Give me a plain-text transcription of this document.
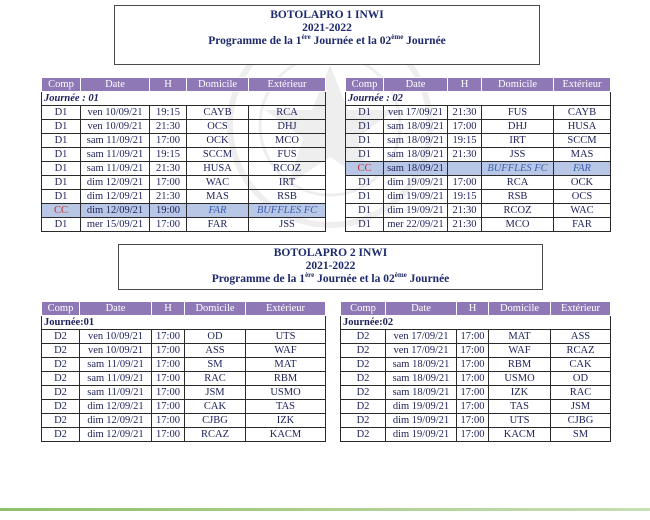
BOTOLAPRO 1 INWI
2021-2022
Programme de la 1ère Journée et la 02ème Journée
Comp	Date	H	Domicile	Extérieur
Journée : 01				
D1	ven 10/09/21	19:15	CAYB	RCA
D1	ven 10/09/21	21:30	OCS	DHJ
D1	sam 11/09/21	17:00	OCK	MCO
D1	sam 11/09/21	19:15	SCCM	FUS
D1	sam 11/09/21	21:30	HUSA	RCOZ
D1	dim 12/09/21	17:00	WAC	IRT
D1	dim 12/09/21	21:30	MAS	RSB
CC	dim 12/09/21	19:00	FAR	BUFFLES FC
D1	mer 15/09/21	17:00	FAR	JSS
Comp	Date	H	Domicile	Extérieur
Journée : 02				
D1	ven 17/09/21	21:30	FUS	CAYB
D1	sam 18/09/21	17:00	DHJ	HUSA
D1	sam 18/09/21	19:15	IRT	SCCM
D1	sam 18/09/21	21:30	JSS	MAS
CC	sam 18/09/21		BUFFLES FC	FAR
D1	dim 19/09/21	17:00	RCA	OCK
D1	dim 19/09/21	19:15	RSB	OCS
D1	dim 19/09/21	21:30	RCOZ	WAC
D1	mer 22/09/21	21:30	MCO	FAR
BOTOLAPRO 2 INWI
2021-2022
Programme de la 1ère Journée et la 02ème Journée
Comp	Date	H	Domicile	Extérieur
Journée:01				
D2	ven 10/09/21	17:00	OD	UTS
D2	ven 10/09/21	17:00	ASS	WAF
D2	sam 11/09/21	17:00	SM	MAT
D2	sam 11/09/21	17:00	RAC	RBM
D2	sam 11/09/21	17:00	JSM	USMO
D2	dim 12/09/21	17:00	CAK	TAS
D2	dim 12/09/21	17:00	CJBG	IZK
D2	dim 12/09/21	17:00	RCAZ	KACM
Comp	Date	H	Domicile	Extérieur
Journée:02				
D2	ven 17/09/21	17:00	MAT	ASS
D2	ven 17/09/21	17:00	WAF	RCAZ
D2	sam 18/09/21	17:00	RBM	CAK
D2	sam 18/09/21	17:00	USMO	OD
D2	sam 18/09/21	17:00	IZK	RAC
D2	dim 19/09/21	17:00	TAS	JSM
D2	dim 19/09/21	17:00	UTS	CJBG
D2	dim 19/09/21	17:00	KACM	SM
